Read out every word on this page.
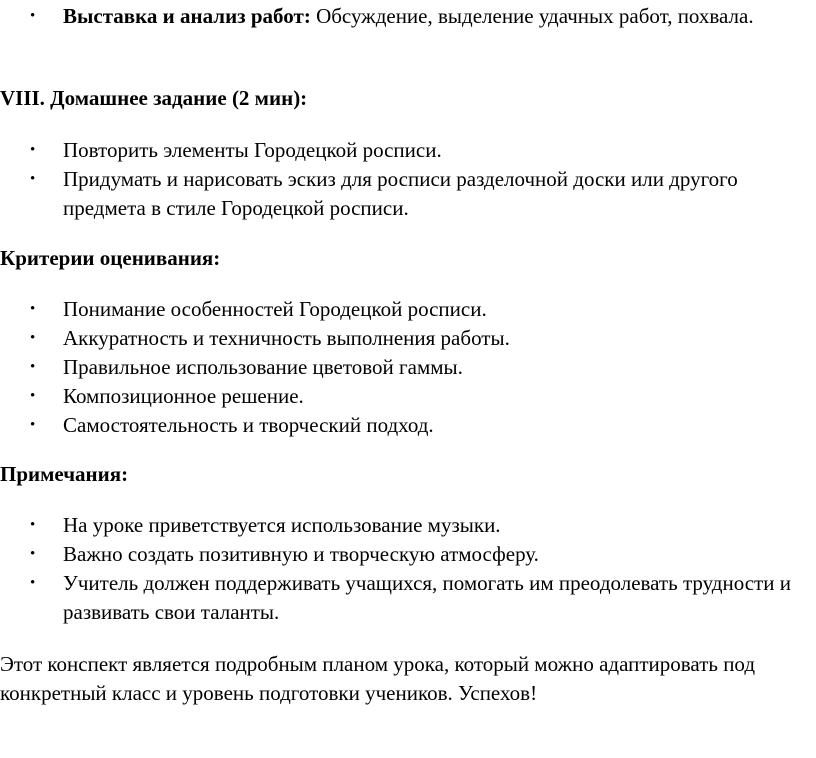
• Выставка и анализ работ: Обсуждение, выделение удачных работ, похвала.

VIII. Домашнее задание (2 мин):

• Повторить элементы Городецкой росписи.
• Придумать и нарисовать эскиз для росписи разделочной доски или другого предмета в стиле Городецкой росписи.

Критерии оценивания:

• Понимание особенностей Городецкой росписи.
• Аккуратность и техничность выполнения работы.
• Правильное использование цветовой гаммы.
• Композиционное решение.
• Самостоятельность и творческий подход.

Примечания:

• На уроке приветствуется использование музыки.
• Важно создать позитивную и творческую атмосферу.
• Учитель должен поддерживать учащихся, помогать им преодолевать трудности и развивать свои таланты.

Этот конспект является подробным планом урока, который можно адаптировать под конкретный класс и уровень подготовки учеников. Успехов!
